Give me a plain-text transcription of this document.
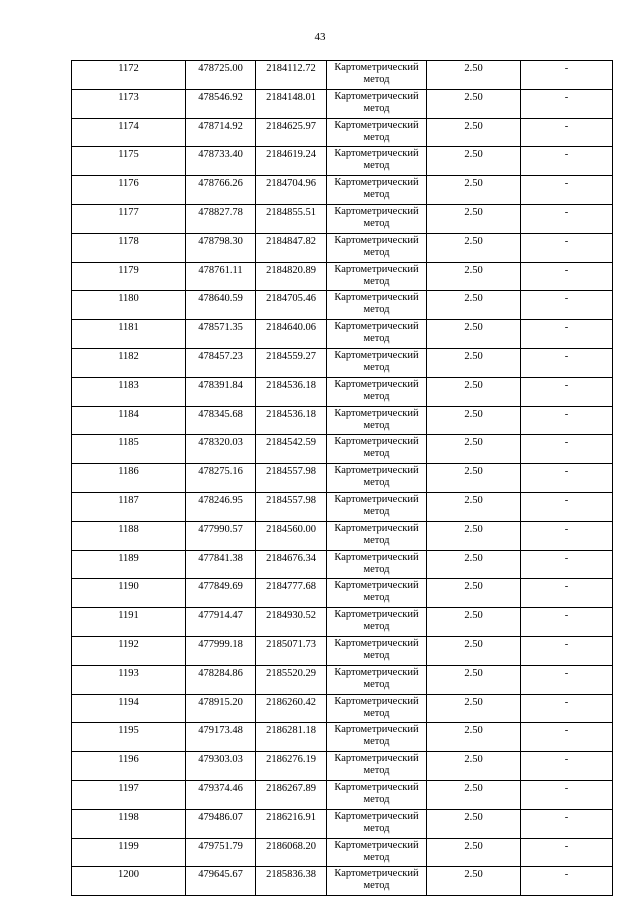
43
1172	478725.00	2184112.72	Картометрический метод	2.50	-
1173	478546.92	2184148.01	Картометрический метод	2.50	-
1174	478714.92	2184625.97	Картометрический метод	2.50	-
1175	478733.40	2184619.24	Картометрический метод	2.50	-
1176	478766.26	2184704.96	Картометрический метод	2.50	-
1177	478827.78	2184855.51	Картометрический метод	2.50	-
1178	478798.30	2184847.82	Картометрический метод	2.50	-
1179	478761.11	2184820.89	Картометрический метод	2.50	-
1180	478640.59	2184705.46	Картометрический метод	2.50	-
1181	478571.35	2184640.06	Картометрический метод	2.50	-
1182	478457.23	2184559.27	Картометрический метод	2.50	-
1183	478391.84	2184536.18	Картометрический метод	2.50	-
1184	478345.68	2184536.18	Картометрический метод	2.50	-
1185	478320.03	2184542.59	Картометрический метод	2.50	-
1186	478275.16	2184557.98	Картометрический метод	2.50	-
1187	478246.95	2184557.98	Картометрический метод	2.50	-
1188	477990.57	2184560.00	Картометрический метод	2.50	-
1189	477841.38	2184676.34	Картометрический метод	2.50	-
1190	477849.69	2184777.68	Картометрический метод	2.50	-
1191	477914.47	2184930.52	Картометрический метод	2.50	-
1192	477999.18	2185071.73	Картометрический метод	2.50	-
1193	478284.86	2185520.29	Картометрический метод	2.50	-
1194	478915.20	2186260.42	Картометрический метод	2.50	-
1195	479173.48	2186281.18	Картометрический метод	2.50	-
1196	479303.03	2186276.19	Картометрический метод	2.50	-
1197	479374.46	2186267.89	Картометрический метод	2.50	-
1198	479486.07	2186216.91	Картометрический метод	2.50	-
1199	479751.79	2186068.20	Картометрический метод	2.50	-
1200	479645.67	2185836.38	Картометрический метод	2.50	-
